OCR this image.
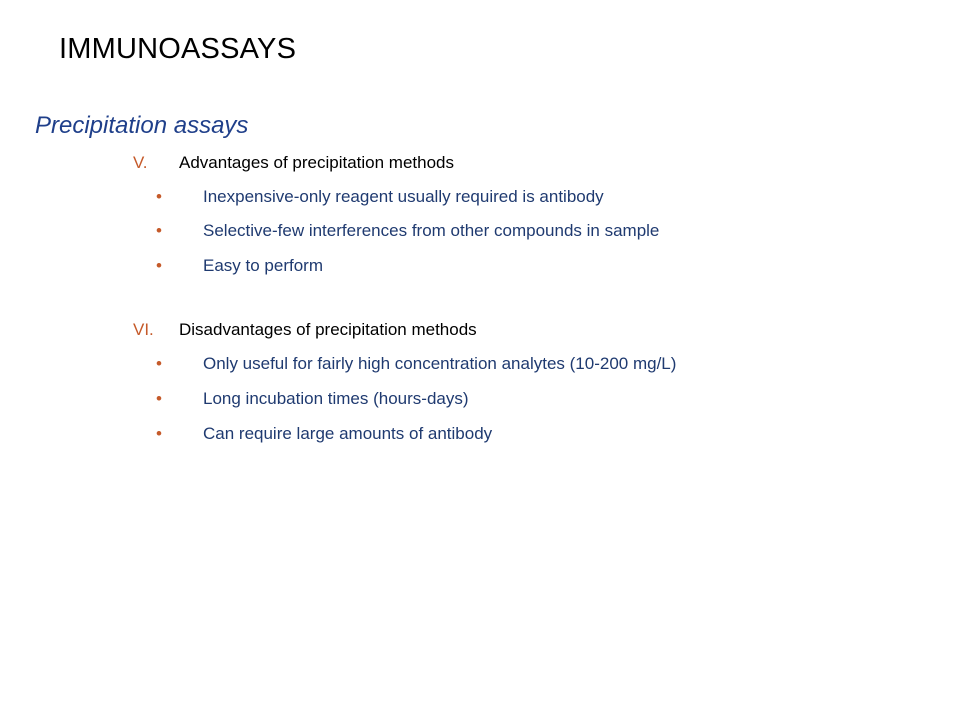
IMMUNOASSAYS
Precipitation assays
V. Advantages of precipitation methods
• Inexpensive-only reagent usually required is antibody
• Selective-few interferences from other compounds in sample
• Easy to perform
VI. Disadvantages of precipitation methods
• Only useful for fairly high concentration analytes (10-200 mg/L)
• Long incubation times (hours-days)
• Can require large amounts of antibody
